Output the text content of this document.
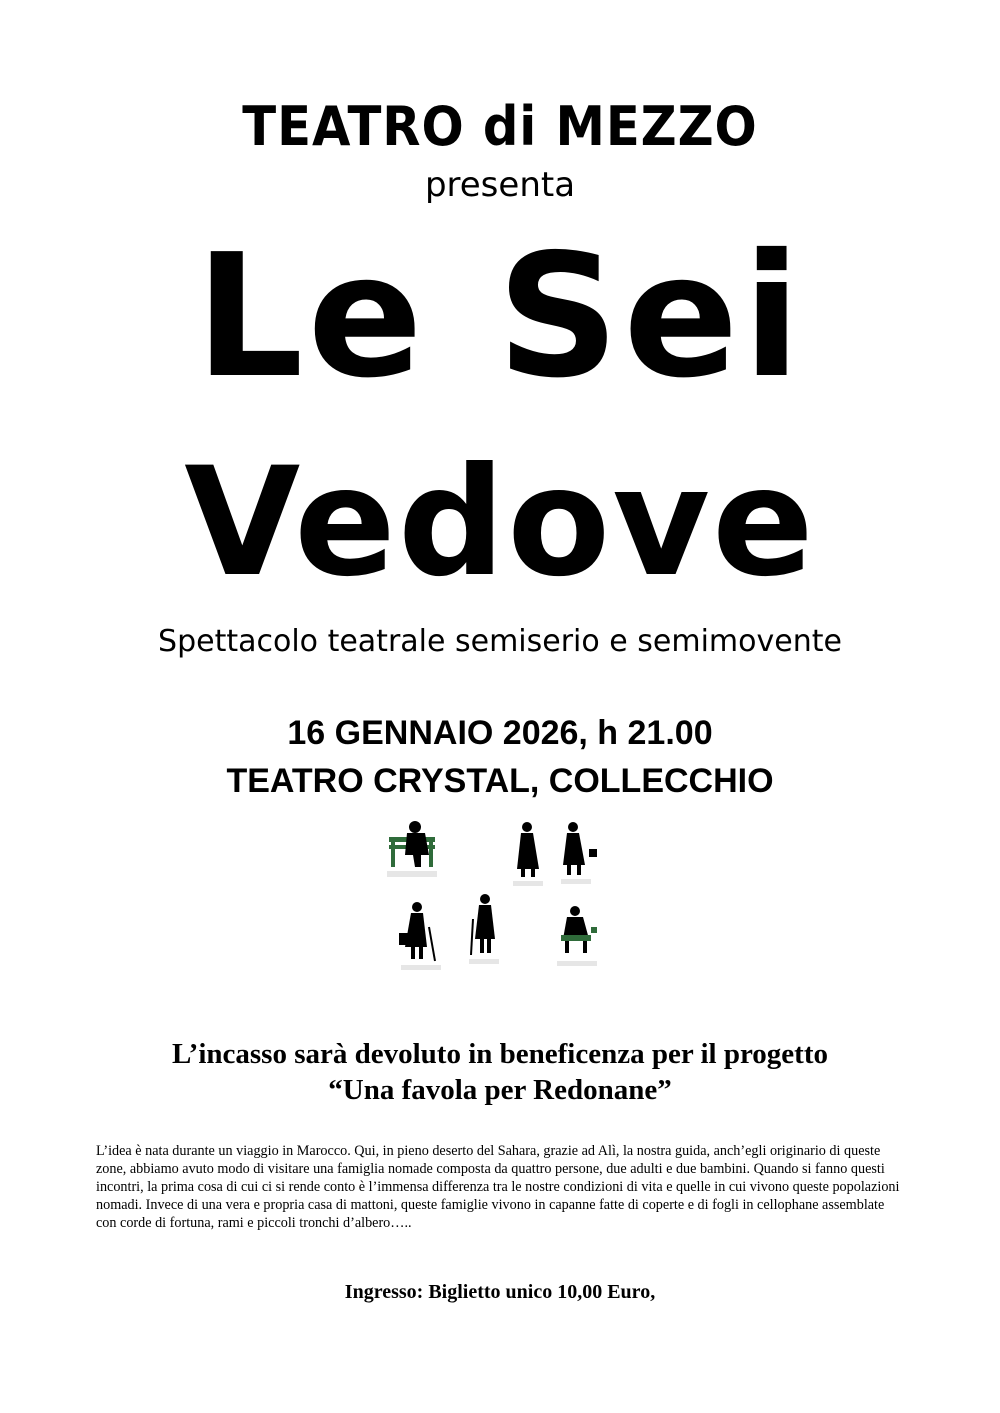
TEATRO di MEZZO
presenta
Le Sei
Vedove
Spettacolo teatrale semiserio e semimovente
16 GENNAIO 2026, h 21.00
TEATRO CRYSTAL, COLLECCHIO
L’incasso sarà devoluto in beneficenza per il progetto
“Una favola per Redonane”
L’idea è nata durante un viaggio in Marocco. Qui, in pieno deserto del Sahara, grazie ad Alì, la nostra guida, anch’egli originario di queste zone, abbiamo avuto modo di visitare una famiglia nomade composta da quattro persone, due adulti e due bambini. Quando si fanno questi incontri, la prima cosa di cui ci si rende conto è l’immensa differenza tra le nostre condizioni di vita e quelle in cui vivono queste popolazioni nomadi. Invece di una vera e propria casa di mattoni, queste famiglie vivono in capanne fatte di coperte e di fogli in cellophane assemblate con corde di fortuna, rami e piccoli tronchi d’albero…..
Ingresso: Biglietto unico 10,00 Euro,
